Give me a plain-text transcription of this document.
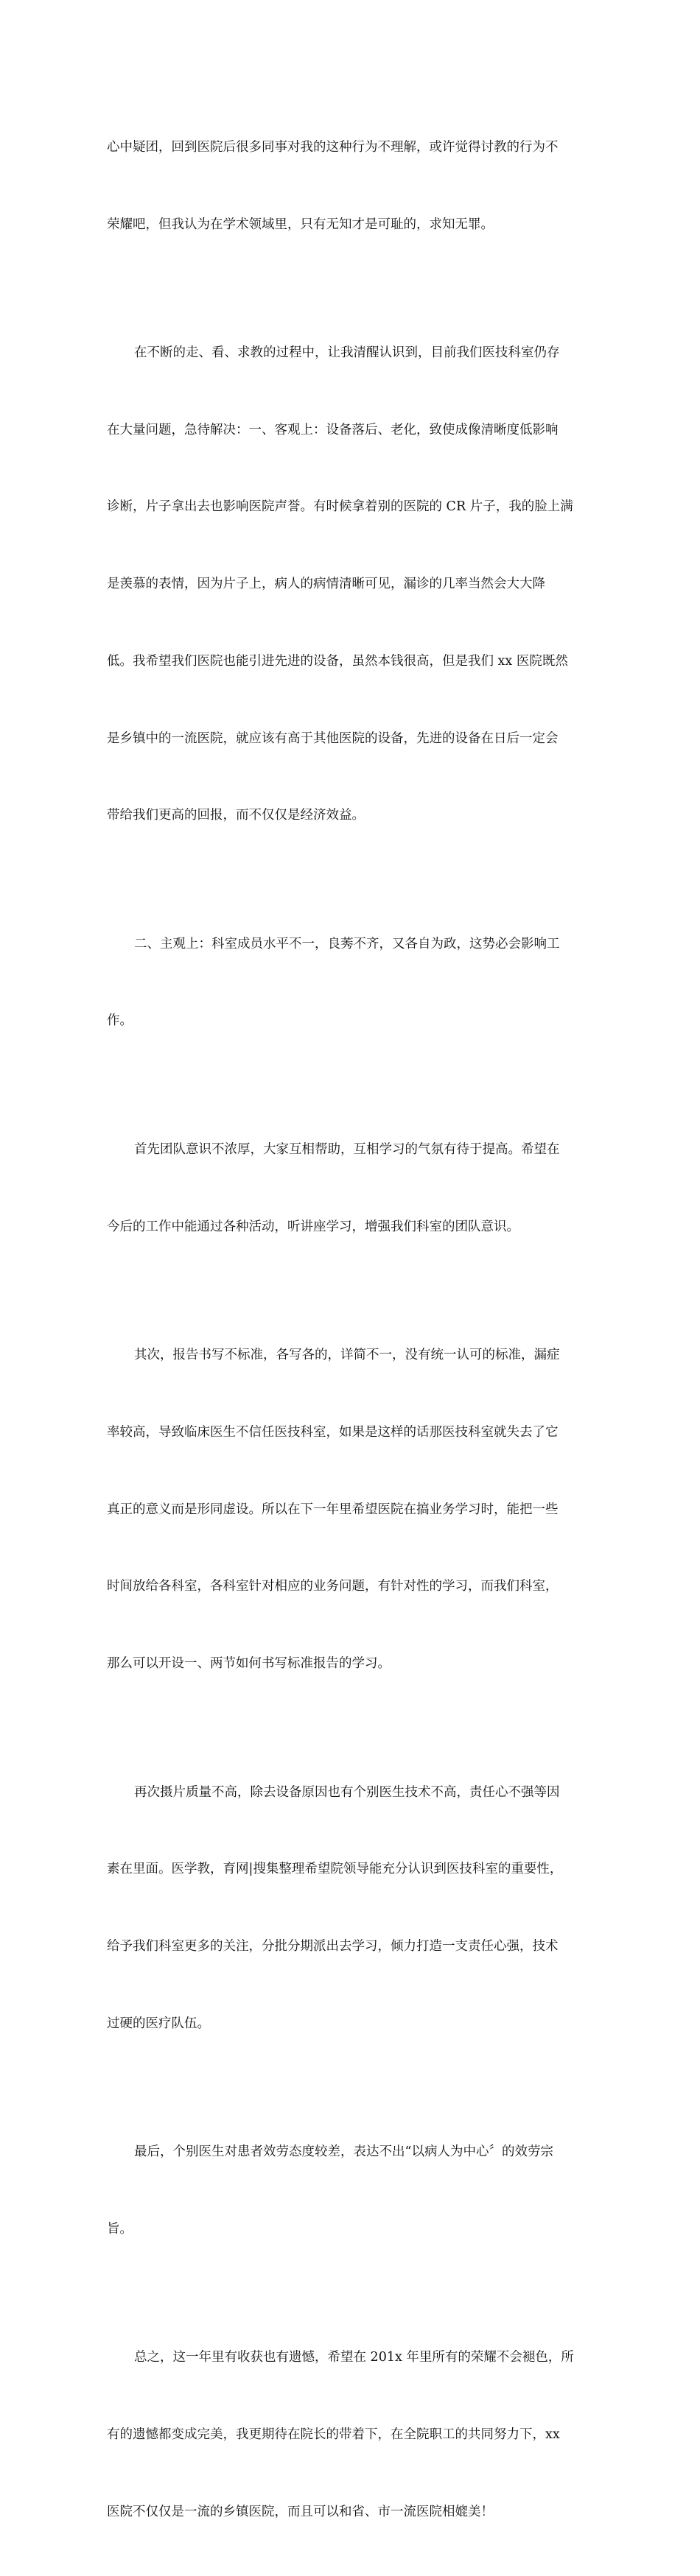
心中疑团，回到医院后很多同事对我的这种行为不理解，或许觉得讨教的行为不

荣耀吧，但我认为在学术领域里，只有无知才是可耻的，求知无罪。

在不断的走、看、求教的过程中，让我清醒认识到，目前我们医技科室仍存

在大量问题，急待解决：一、客观上：设备落后、老化，致使成像清晰度低影响

诊断，片子拿出去也影响医院声誉。有时候拿着别的医院的 CR 片子，我的脸上满

是羡慕的表情，因为片子上，病人的病情清晰可见，漏诊的几率当然会大大降

低。我希望我们医院也能引进先进的设备，虽然本钱很高，但是我们 xx 医院既然

是乡镇中的一流医院，就应该有高于其他医院的设备，先进的设备在日后一定会

带给我们更高的回报，而不仅仅是经济效益。

二、主观上：科室成员水平不一，良莠不齐，又各自为政，这势必会影响工

作。

首先团队意识不浓厚，大家互相帮助，互相学习的气氛有待于提高。希望在

今后的工作中能通过各种活动，听讲座学习，增强我们科室的团队意识。

其次，报告书写不标准，各写各的，详简不一，没有统一认可的标准，漏症

率较高，导致临床医生不信任医技科室，如果是这样的话那医技科室就失去了它

真正的意义而是形同虚设。所以在下一年里希望医院在搞业务学习时，能把一些

时间放给各科室，各科室针对相应的业务问题，有针对性的学习，而我们科室，

那么可以开设一、两节如何书写标准报告的学习。

再次摄片质量不高，除去设备原因也有个别医生技术不高，责任心不强等因

素在里面。医学教，育网|搜集整理希望院领导能充分认识到医技科室的重要性，

给予我们科室更多的关注，分批分期派出去学习，倾力打造一支责任心强，技术

过硬的医疗队伍。

最后，个别医生对患者效劳态度较差，表达不出“以病人为中心〞的效劳宗

旨。

总之，这一年里有收获也有遗憾，希望在 201x 年里所有的荣耀不会褪色，所

有的遗憾都变成完美，我更期待在院长的带着下，在全院职工的共同努力下，xx

医院不仅仅是一流的乡镇医院，而且可以和省、市一流医院相媲美！
